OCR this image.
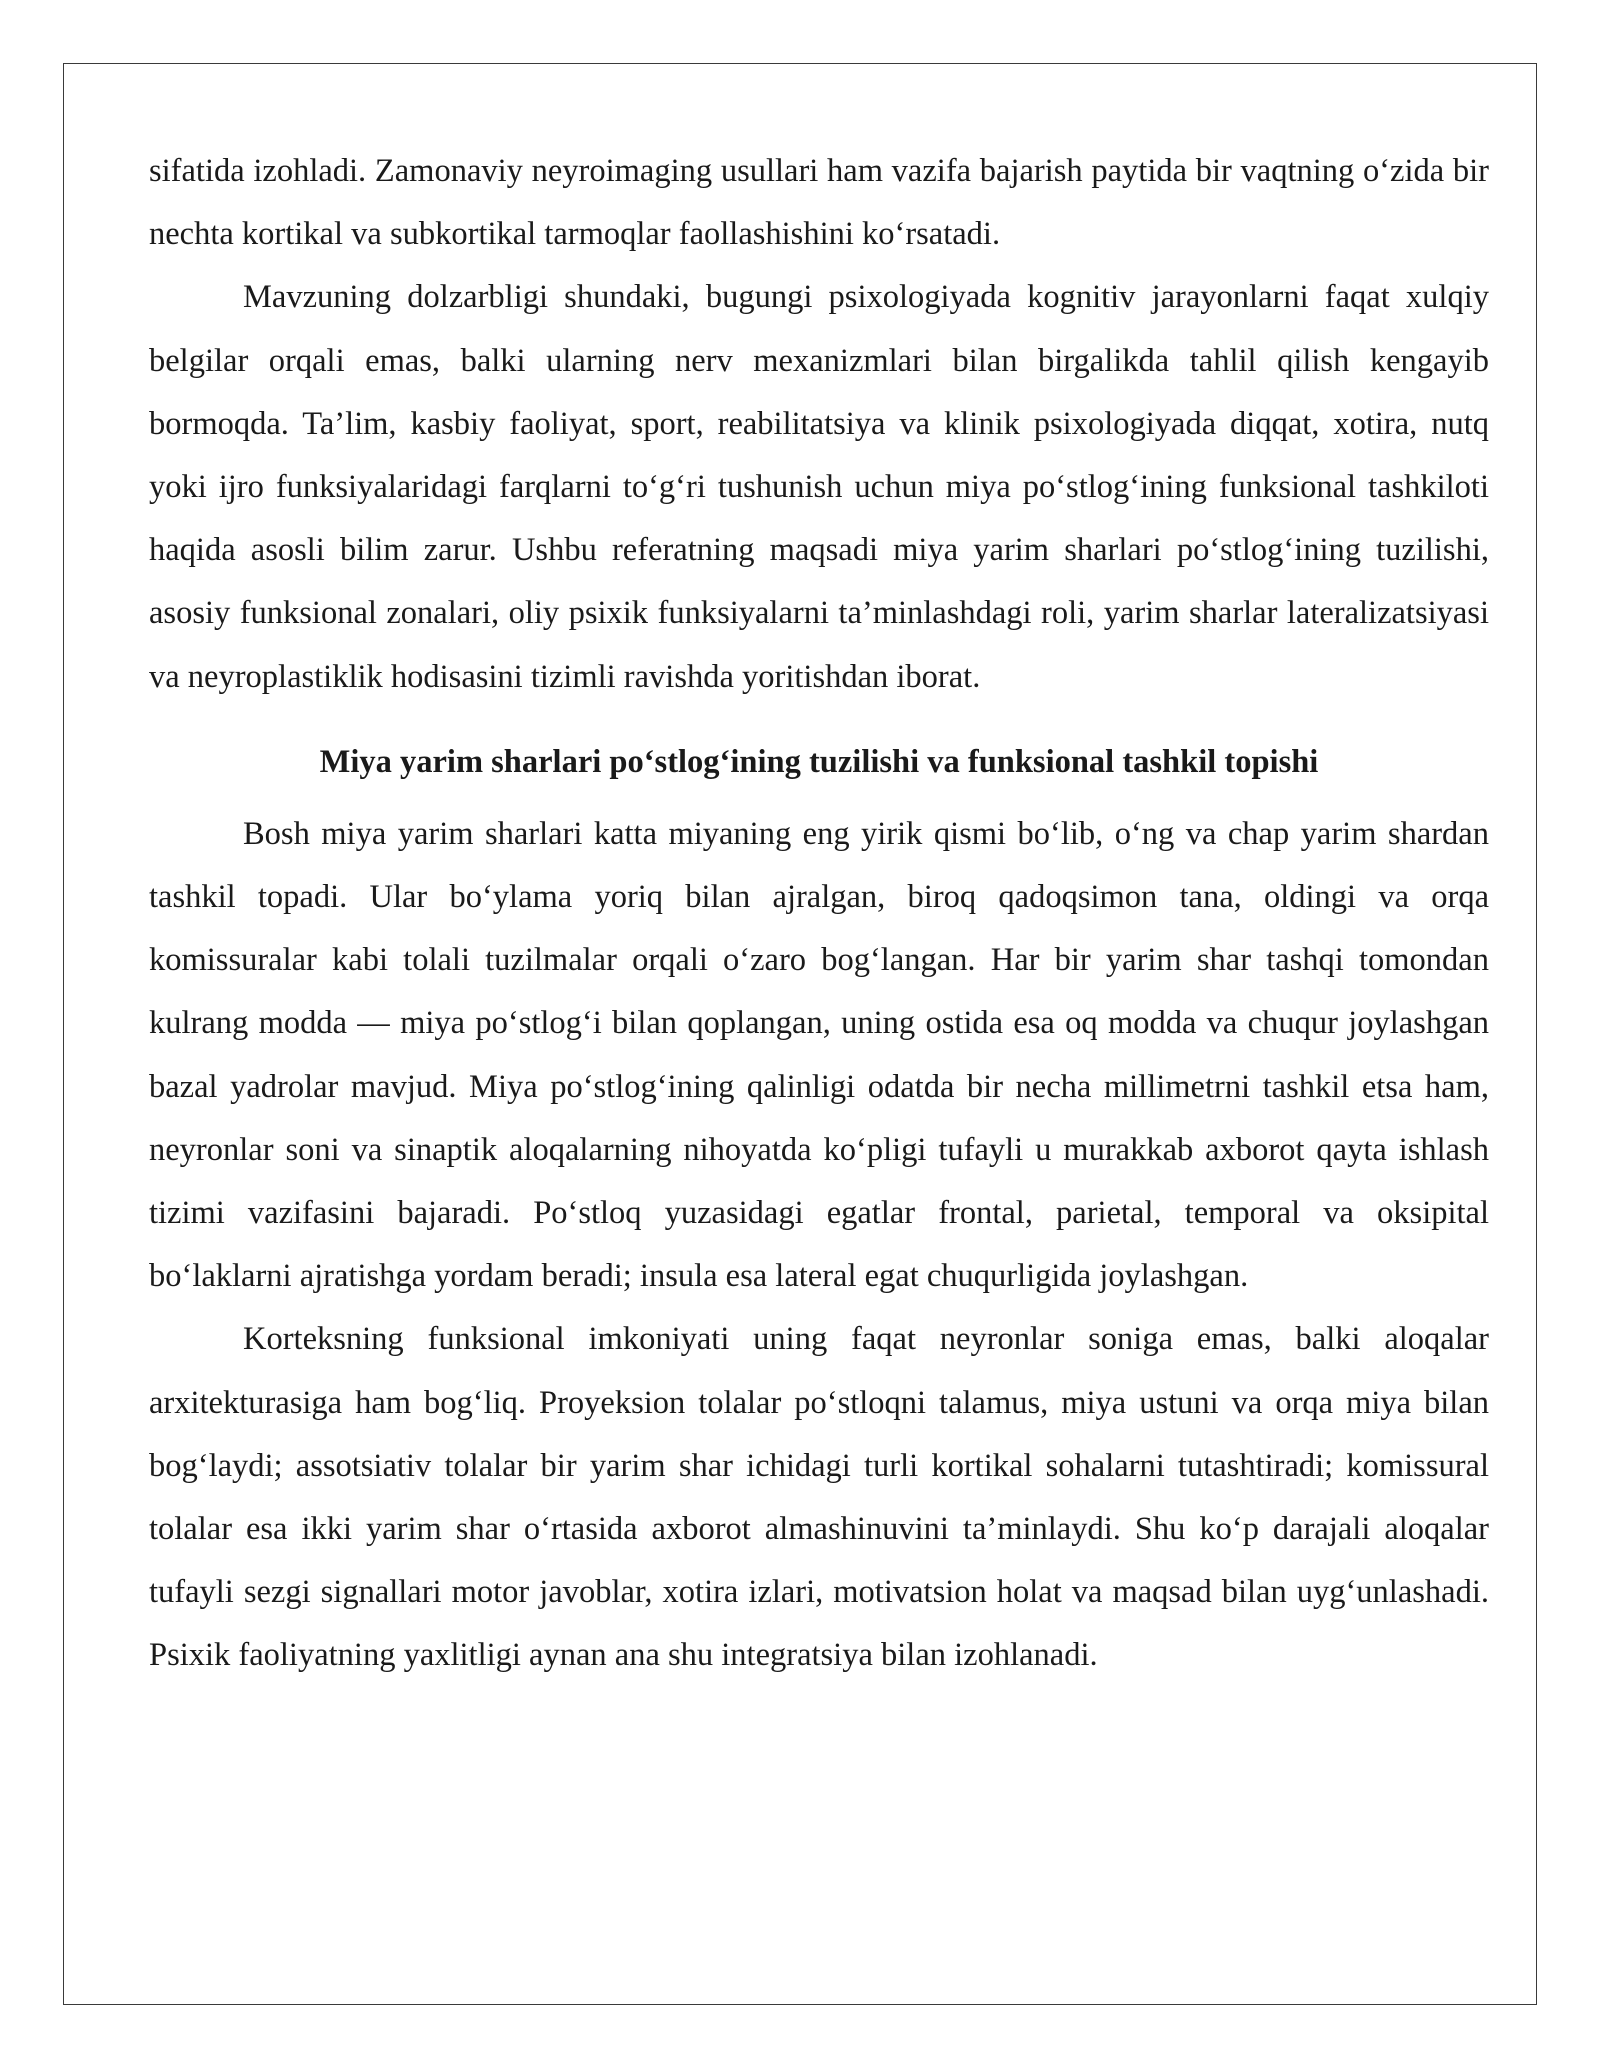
sifatida izohladi. Zamonaviy neyroimaging usullari ham vazifa bajarish paytida bir vaqtning o‘zida bir nechta kortikal va subkortikal tarmoqlar faollashishini ko‘rsatadi.

Mavzuning dolzarbligi shundaki, bugungi psixologiyada kognitiv jarayonlarni faqat xulqiy belgilar orqali emas, balki ularning nerv mexanizmlari bilan birgalikda tahlil qilish kengayib bormoqda. Ta’lim, kasbiy faoliyat, sport, reabilitatsiya va klinik psixologiyada diqqat, xotira, nutq yoki ijro funksiyalaridagi farqlarni to‘g‘ri tushunish uchun miya po‘stlog‘ining funksional tashkiloti haqida asosli bilim zarur. Ushbu referatning maqsadi miya yarim sharlari po‘stlog‘ining tuzilishi, asosiy funksional zonalari, oliy psixik funksiyalarni ta’minlashdagi roli, yarim sharlar lateralizatsiyasi va neyroplastiklik hodisasini tizimli ravishda yoritishdan iborat.

Miya yarim sharlari po‘stlog‘ining tuzilishi va funksional tashkil topishi

Bosh miya yarim sharlari katta miyaning eng yirik qismi bo‘lib, o‘ng va chap yarim shardan tashkil topadi. Ular bo‘ylama yoriq bilan ajralgan, biroq qadoqsimon tana, oldingi va orqa komissuralar kabi tolali tuzilmalar orqali o‘zaro bog‘langan. Har bir yarim shar tashqi tomondan kulrang modda — miya po‘stlog‘i bilan qoplangan, uning ostida esa oq modda va chuqur joylashgan bazal yadrolar mavjud. Miya po‘stlog‘ining qalinligi odatda bir necha millimetrni tashkil etsa ham, neyronlar soni va sinaptik aloqalarning nihoyatda ko‘pligi tufayli u murakkab axborot qayta ishlash tizimi vazifasini bajaradi. Po‘stloq yuzasidagi egatlar frontal, parietal, temporal va oksipital bo‘laklarni ajratishga yordam beradi; insula esa lateral egat chuqurligida joylashgan.

Korteksning funksional imkoniyati uning faqat neyronlar soniga emas, balki aloqalar arxitekturasiga ham bog‘liq. Proyeksion tolalar po‘stloqni talamus, miya ustuni va orqa miya bilan bog‘laydi; assotsiativ tolalar bir yarim shar ichidagi turli kortikal sohalarni tutashtiradi; komissural tolalar esa ikki yarim shar o‘rtasida axborot almashinuvini ta’minlaydi. Shu ko‘p darajali aloqalar tufayli sezgi signallari motor javoblar, xotira izlari, motivatsion holat va maqsad bilan uyg‘unlashadi. Psixik faoliyatning yaxlitligi aynan ana shu integratsiya bilan izohlanadi.
